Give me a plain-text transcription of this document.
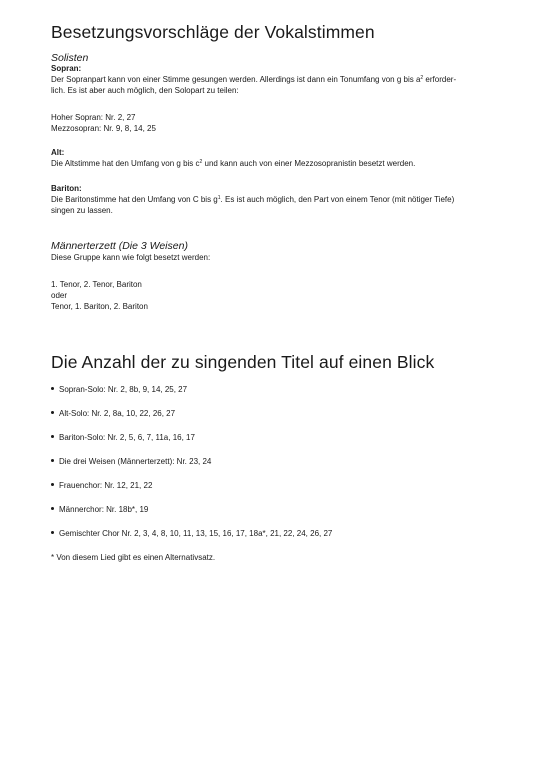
Besetzungsvorschläge der Vokalstimmen

Solisten

Sopran:

Der Sopranpart kann von einer Stimme gesungen werden. Allerdings ist dann ein Tonumfang von g bis $a^2$ erforder-

lich. Es ist aber auch möglich, den Solopart zu teilen:

Hoher Sopran: Nr. 2, 27

Mezzosopran: Nr. 9, 8, 14, 25

Alt:

Die Altstimme hat den Umfang von g bis $c^2$ und kann auch von einer Mezzosopranistin besetzt werden.

Bariton:

Die Baritonstimme hat den Umfang von C bis $g^1$. Es ist auch möglich, den Part von einem Tenor (mit nötiger Tiefe)

singen zu lassen.

Männerterzett (Die 3 Weisen)

Diese Gruppe kann wie folgt besetzt werden:

1. Tenor, 2. Tenor, Bariton

oder

Tenor, 1. Bariton, 2. Bariton

Die Anzahl der zu singenden Titel auf einen Blick
Sopran-Solo: Nr. 2, 8b, 9, 14, 25, 27
Alt-Solo: Nr. 2, 8a, 10, 22, 26, 27
Bariton-Solo: Nr. 2, 5, 6, 7, 11a, 16, 17
Die drei Weisen (Männerterzett): Nr. 23, 24
Frauenchor: Nr. 12, 21, 22
Männerchor: Nr. 18b*, 19
Gemischter Chor Nr. 2, 3, 4, 8, 10, 11, 13, 15, 16, 17, 18a*, 21, 22, 24, 26, 27

* Von diesem Lied gibt es einen Alternativsatz.
